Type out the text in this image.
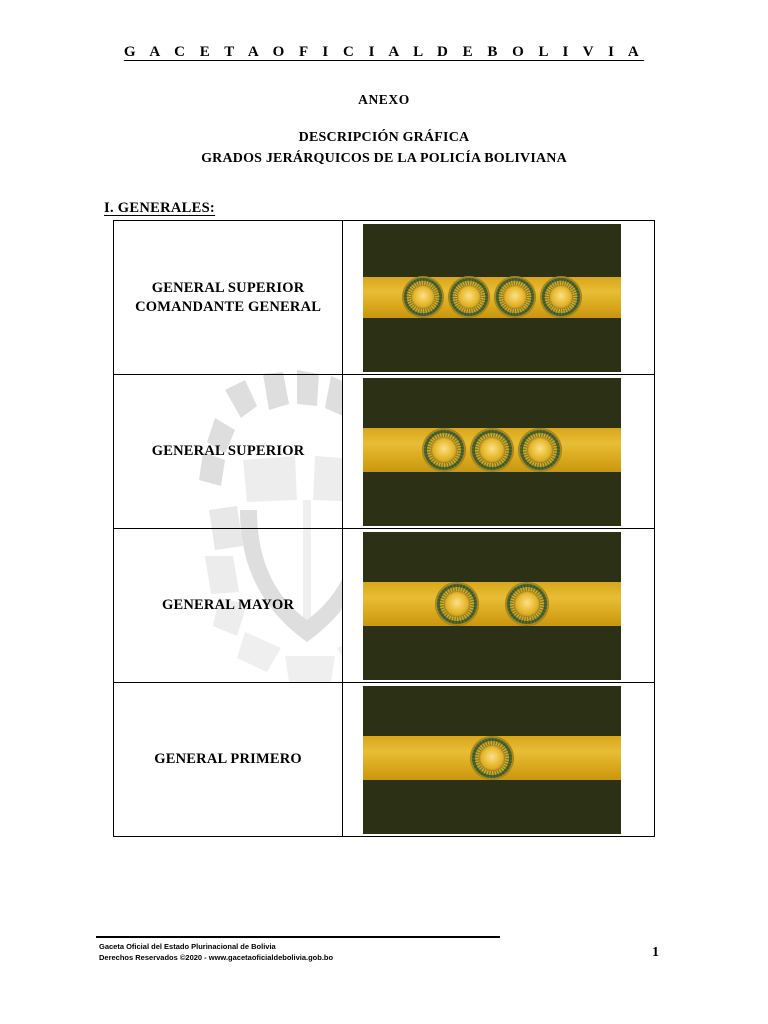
G A C E T A O F I C I A L D E B O L I V I A
ANEXO
DESCRIPCIÓN GRÁFICA
GRADOS JERÁRQUICOS DE LA POLICÍA BOLIVIANA
I. GENERALES:
GENERAL SUPERIOR
COMANDANTE GENERAL	

GENERAL SUPERIOR	

GENERAL MAYOR	

GENERAL PRIMERO	

Gaceta Oficial del Estado Plurinacional de Bolivia
Derechos Reservados ©2020 - www.gacetaoficialdebolivia.gob.bo	1
